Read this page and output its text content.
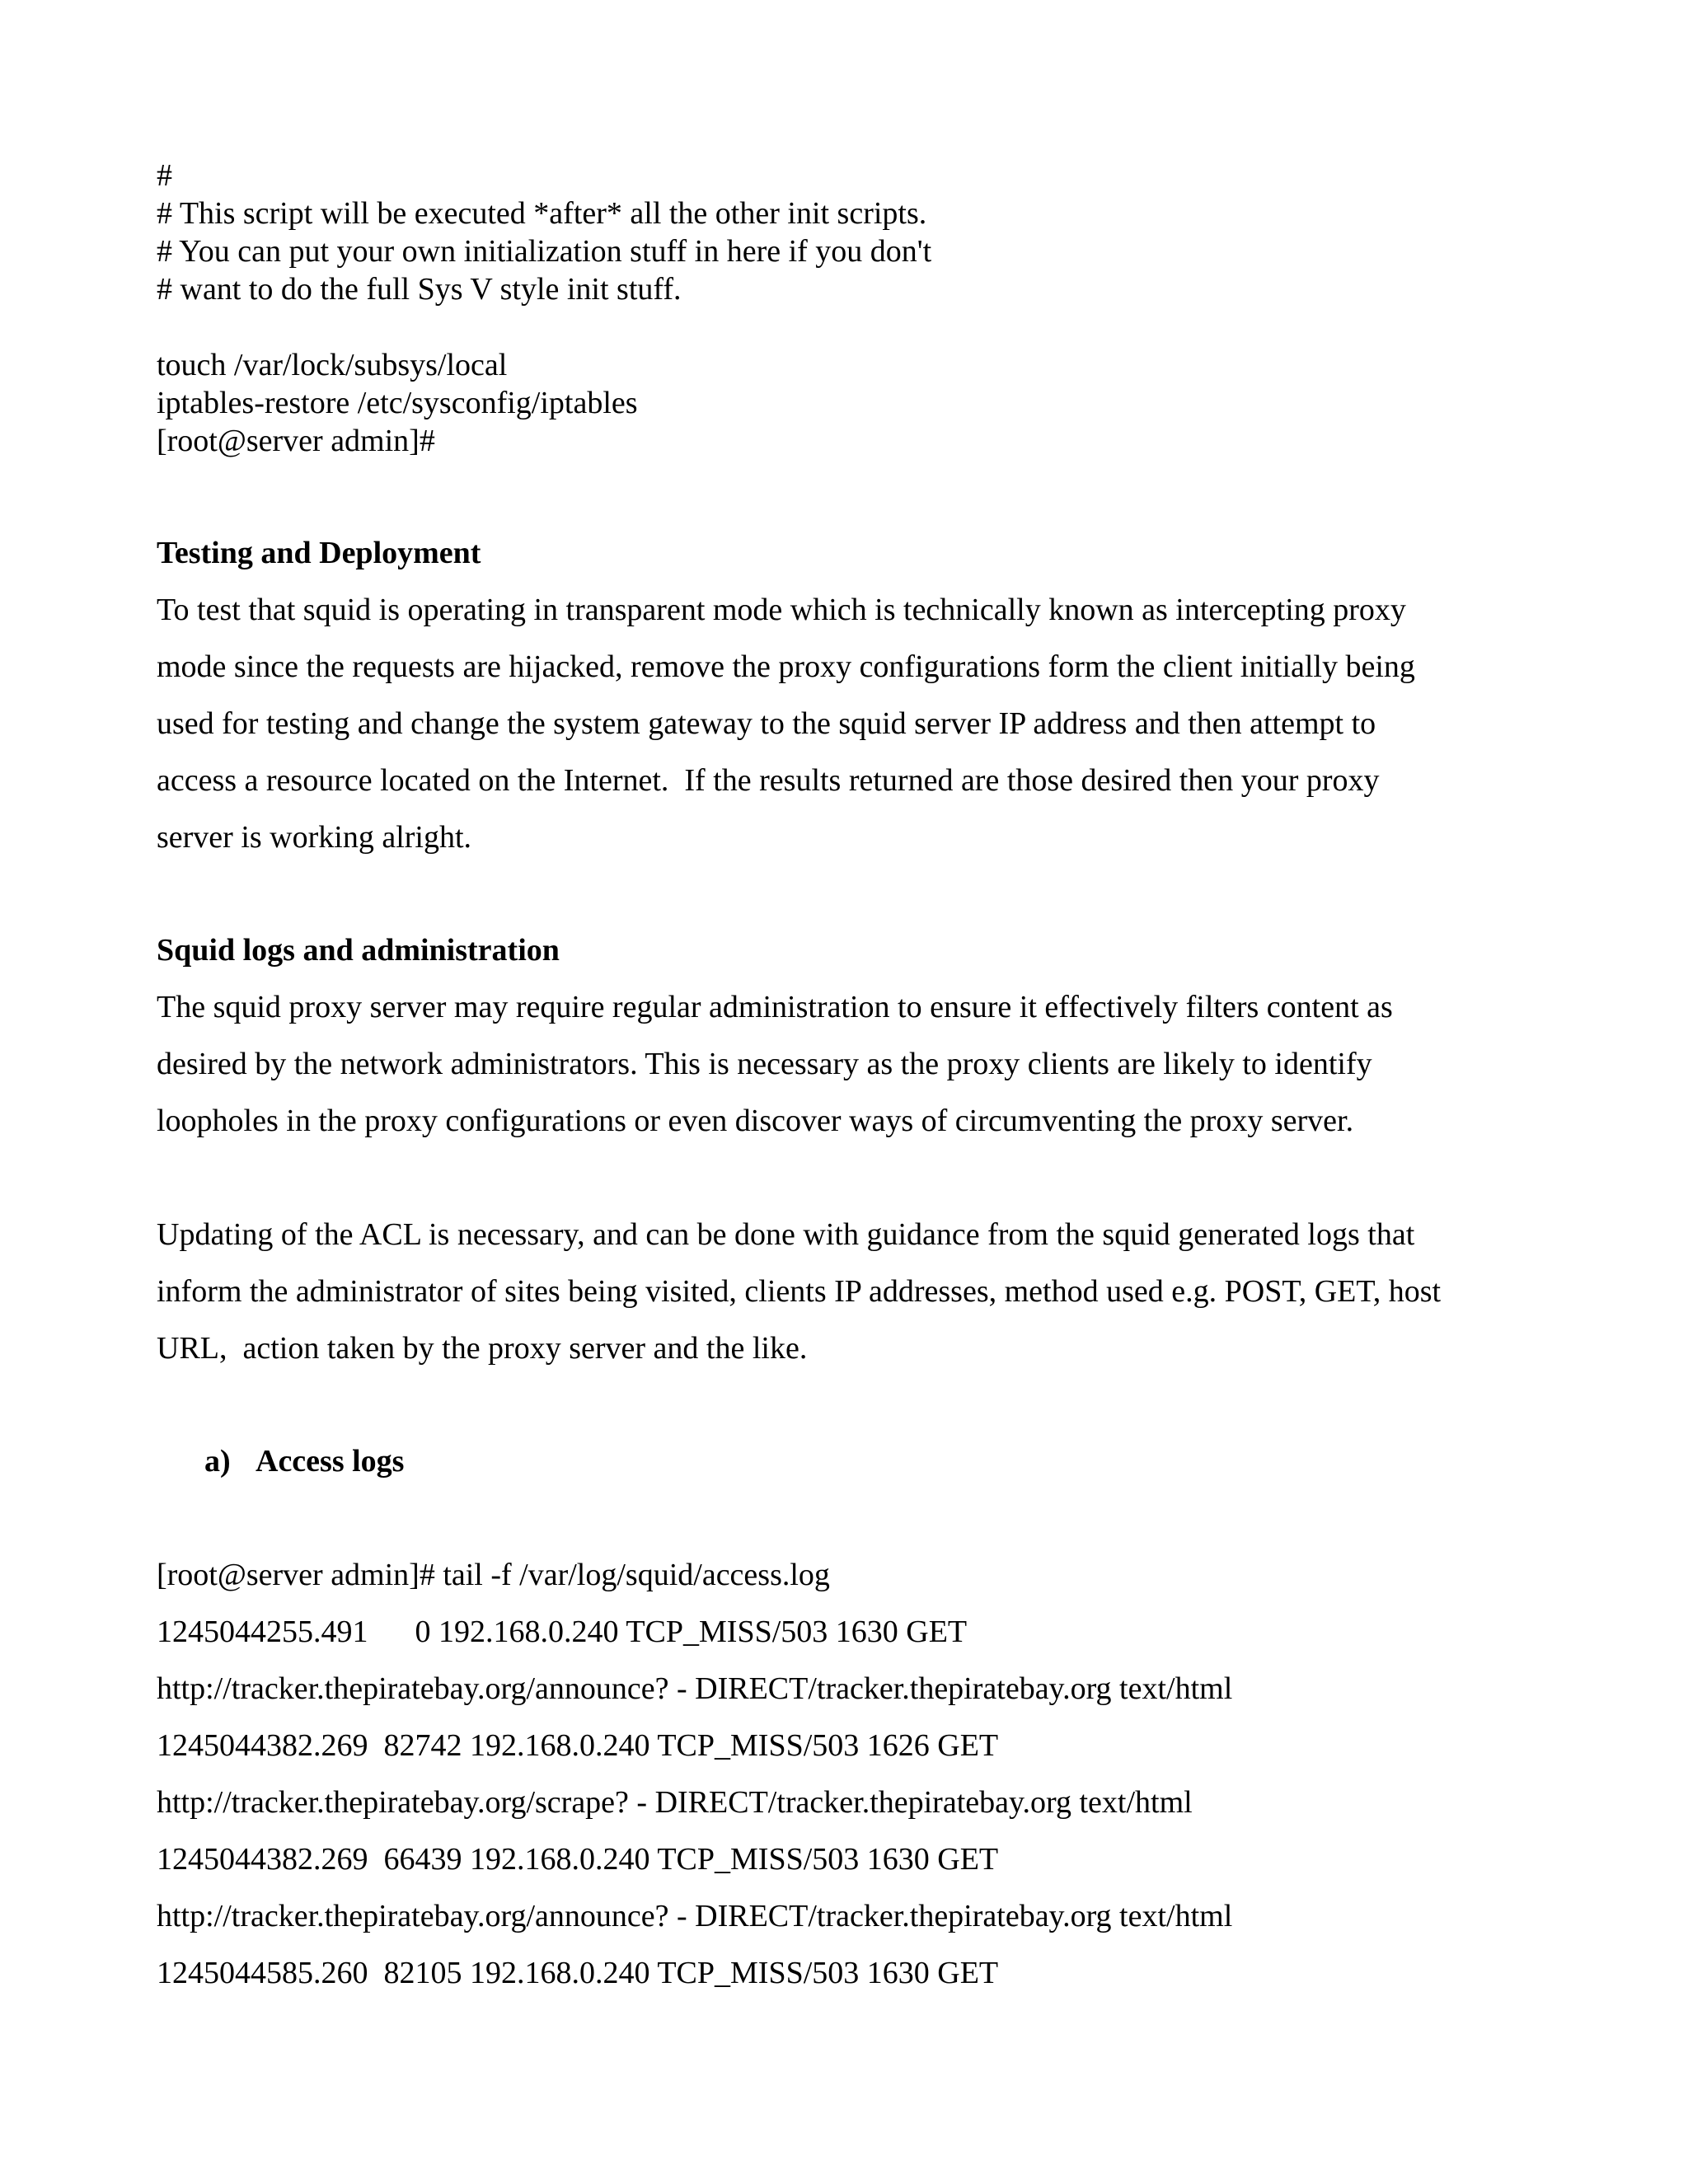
#
# This script will be executed *after* all the other init scripts.
# You can put your own initialization stuff in here if you don't
# want to do the full Sys V style init stuff.
touch /var/lock/subsys/local
iptables-restore /etc/sysconfig/iptables
[root@server admin]#
Testing and Deployment
To test that squid is operating in transparent mode which is technically known as intercepting proxy
mode since the requests are hijacked, remove the proxy configurations form the client initially being
used for testing and change the system gateway to the squid server IP address and then attempt to
access a resource located on the Internet.  If the results returned are those desired then your proxy
server is working alright.
Squid logs and administration
The squid proxy server may require regular administration to ensure it effectively filters content as
desired by the network administrators. This is necessary as the proxy clients are likely to identify
loopholes in the proxy configurations or even discover ways of circumventing the proxy server.
Updating of the ACL is necessary, and can be done with guidance from the squid generated logs that
inform the administrator of sites being visited, clients IP addresses, method used e.g. POST, GET, host
URL,  action taken by the proxy server and the like.
a) Access logs
[root@server admin]# tail -f /var/log/squid/access.log
1245044255.491      0 192.168.0.240 TCP_MISS/503 1630 GET
http://tracker.thepiratebay.org/announce? - DIRECT/tracker.thepiratebay.org text/html
1245044382.269  82742 192.168.0.240 TCP_MISS/503 1626 GET
http://tracker.thepiratebay.org/scrape? - DIRECT/tracker.thepiratebay.org text/html
1245044382.269  66439 192.168.0.240 TCP_MISS/503 1630 GET
http://tracker.thepiratebay.org/announce? - DIRECT/tracker.thepiratebay.org text/html
1245044585.260  82105 192.168.0.240 TCP_MISS/503 1630 GET
